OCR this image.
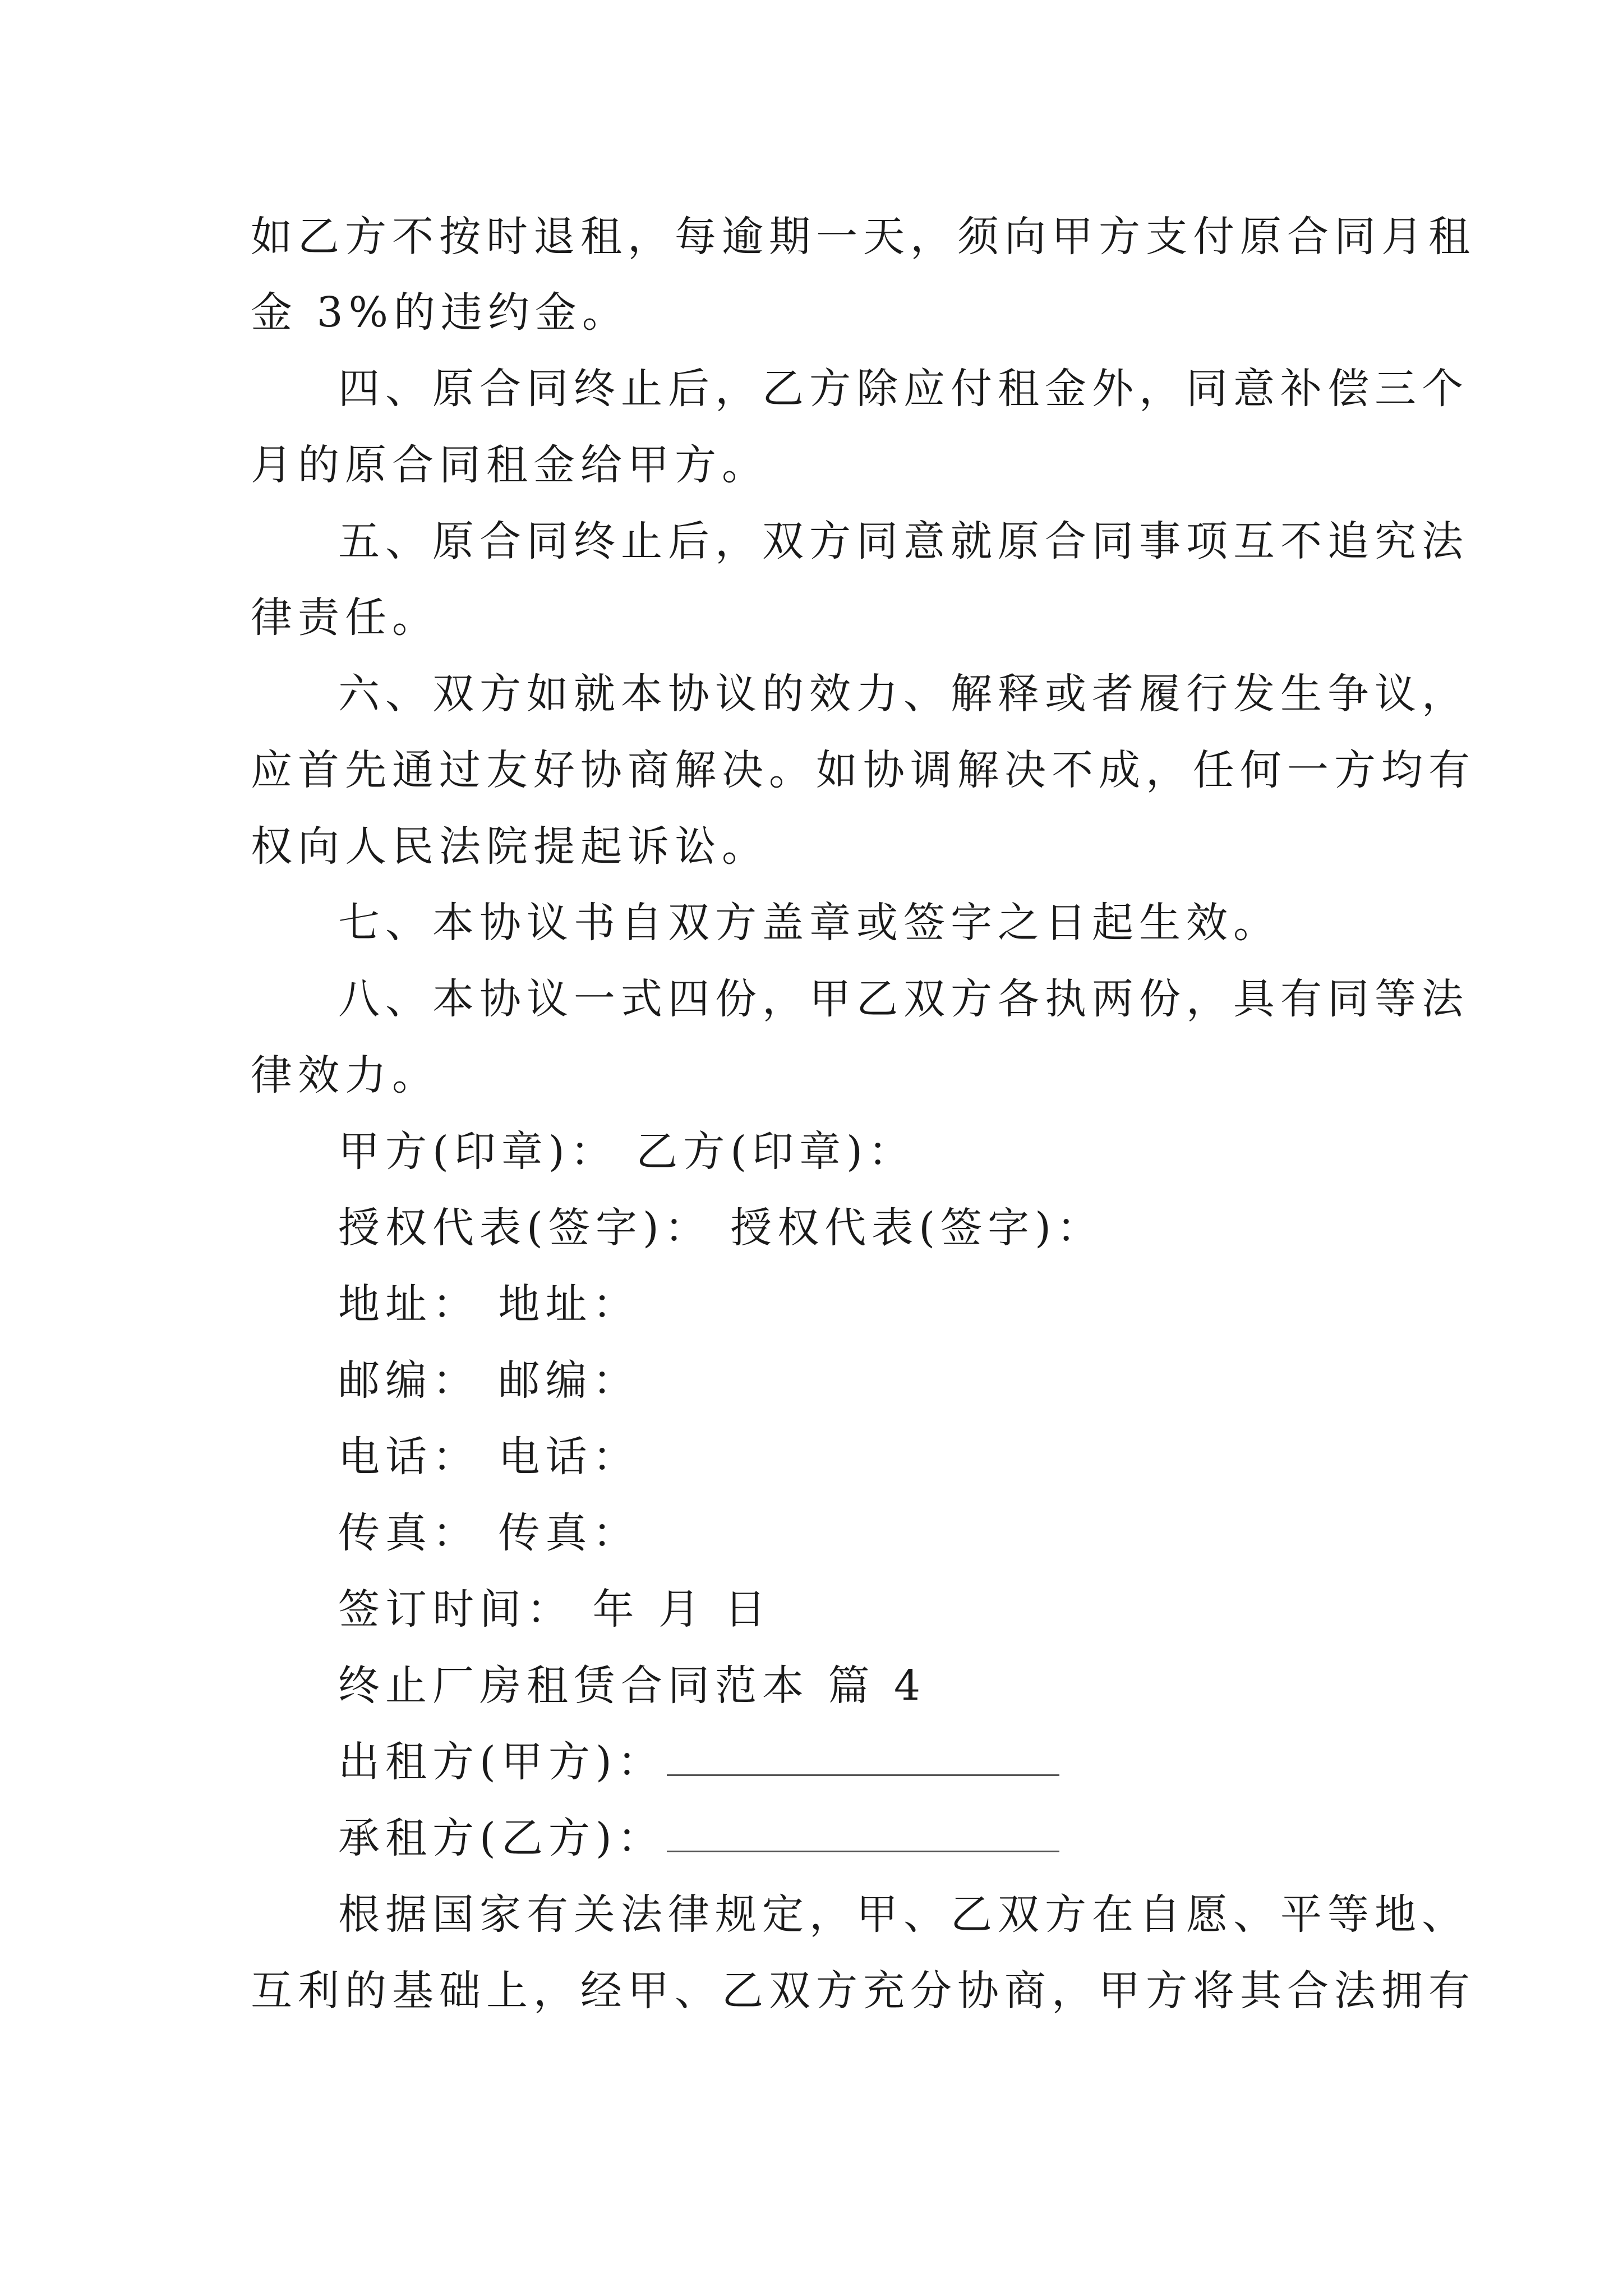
如乙方不按时退租，每逾期一天，须向甲方支付原合同月租
金 3%的违约金。
四、原合同终止后，乙方除应付租金外，同意补偿三个
月的原合同租金给甲方。
五、原合同终止后，双方同意就原合同事项互不追究法
律责任。
六、双方如就本协议的效力、解释或者履行发生争议，
应首先通过友好协商解决。如协调解决不成，任何一方均有
权向人民法院提起诉讼。
七、本协议书自双方盖章或签字之日起生效。
八、本协议一式四份，甲乙双方各执两份，具有同等法
律效力。
甲方(印章)： 乙方(印章)：
授权代表(签字)： 授权代表(签字)：
地址： 地址：
邮编： 邮编：
电话： 电话：
传真： 传真：
签订时间： 年 月 日
终止厂房租赁合同范本 篇 4
出租方(甲方)：
承租方(乙方)：
根据国家有关法律规定，甲、乙双方在自愿、平等地、
互利的基础上，经甲、乙双方充分协商，甲方将其合法拥有
